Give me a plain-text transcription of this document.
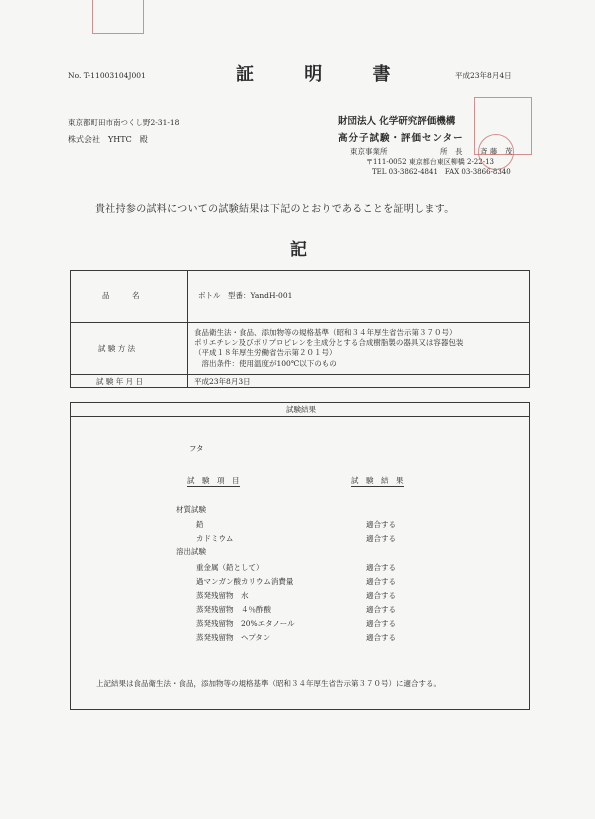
No. T-11003104J001	証 明 書	平成23年8月4日
東京都町田市南つくし野2-31-18
株式会社　YHTC　殿
財団法人 化学研究評価機構
高分子試験・評価センター
東京事業所	所　長 斉 藤　茂
〒111-0052 東京都台東区柳橋 2-22-13
TEL 03-3862-4841　FAX 03-3866-8340
貴社持参の試料についての試験結果は下記のとおりであることを証明します。
記
品　　　名	ボトル　型番：YandH-001
試 験 方 法
食品衛生法・食品、添加物等の規格基準（昭和３４年厚生省告示第３７０号）
ポリエチレン及びポリプロピレンを主成分とする合成樹脂製の器具又は容器包装
（平成１８年厚生労働省告示第２０１号）
　溶出条件：使用温度が100℃以下のもの
試 験 年 月 日	平成23年8月3日
試験結果
フタ
試　験　項　目	試　験　結　果
材質試験
鉛	適合する
カドミウム	適合する
溶出試験
重金属（鉛として）	適合する
過マンガン酸カリウム消費量	適合する
蒸発残留物　水	適合する
蒸発残留物　４％酢酸	適合する
蒸発残留物　20%エタノール	適合する
蒸発残留物　ヘプタン	適合する
上記結果は食品衛生法・食品，添加物等の規格基準（昭和３４年厚生省告示第３７０号）に適合する。
